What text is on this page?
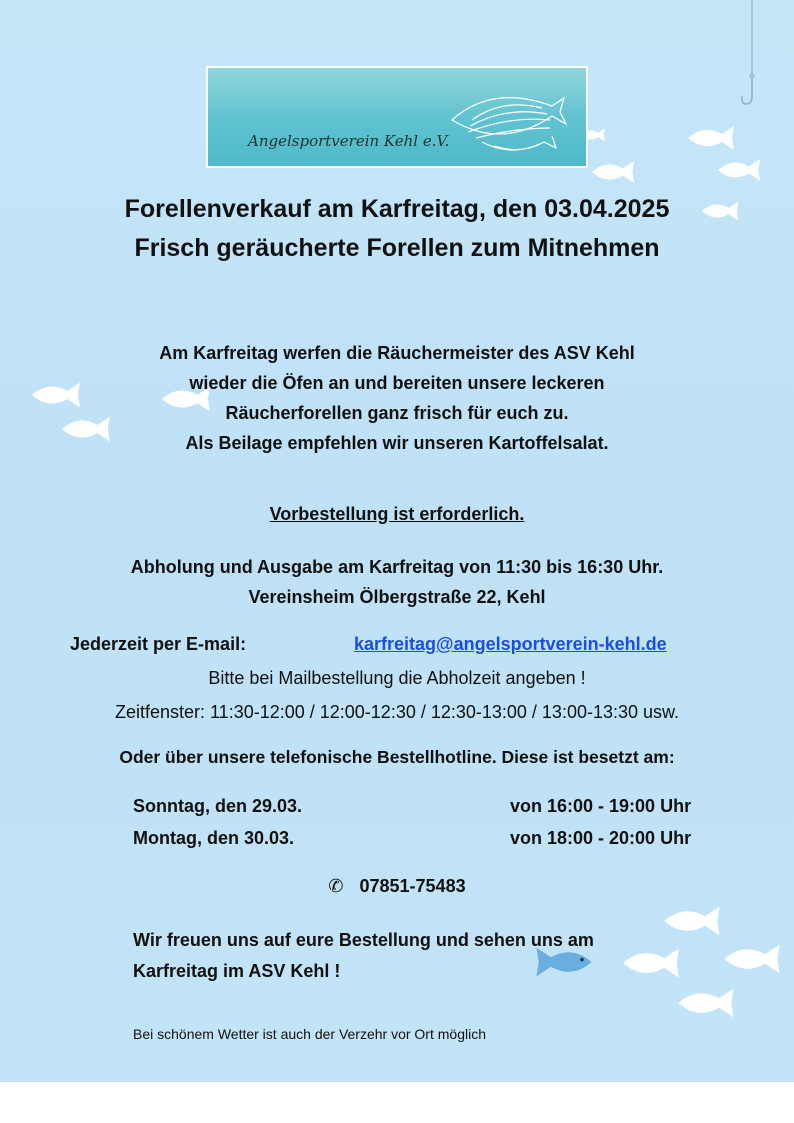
Angelsportverein Kehl e.V.
Forellenverkauf am Karfreitag, den 03.04.2025
Frisch geräucherte Forellen zum Mitnehmen
Am Karfreitag werfen die Räuchermeister des ASV Kehl
wieder die Öfen an und bereiten unsere leckeren
Räucherforellen ganz frisch für euch zu.
Als Beilage empfehlen wir unseren Kartoffelsalat.
Vorbestellung ist erforderlich.
Abholung und Ausgabe am Karfreitag von 11:30 bis 16:30 Uhr.
Vereinsheim Ölbergstraße 22, Kehl
Jederzeit per E-mail:	karfreitag@angelsportverein-kehl.de
Bitte bei Mailbestellung die Abholzeit angeben !
Zeitfenster: 11:30-12:00 / 12:00-12:30 / 12:30-13:00 / 13:00-13:30 usw.
Oder über unsere telefonische Bestellhotline. Diese ist besetzt am:
Sonntag, den 29.03.	von 16:00 - 19:00 Uhr
Montag, den 30.03.	von 18:00 - 20:00 Uhr
✆ 07851-75483
Wir freuen uns auf eure Bestellung und sehen uns am
Karfreitag im ASV Kehl !
Bei schönem Wetter ist auch der Verzehr vor Ort möglich
